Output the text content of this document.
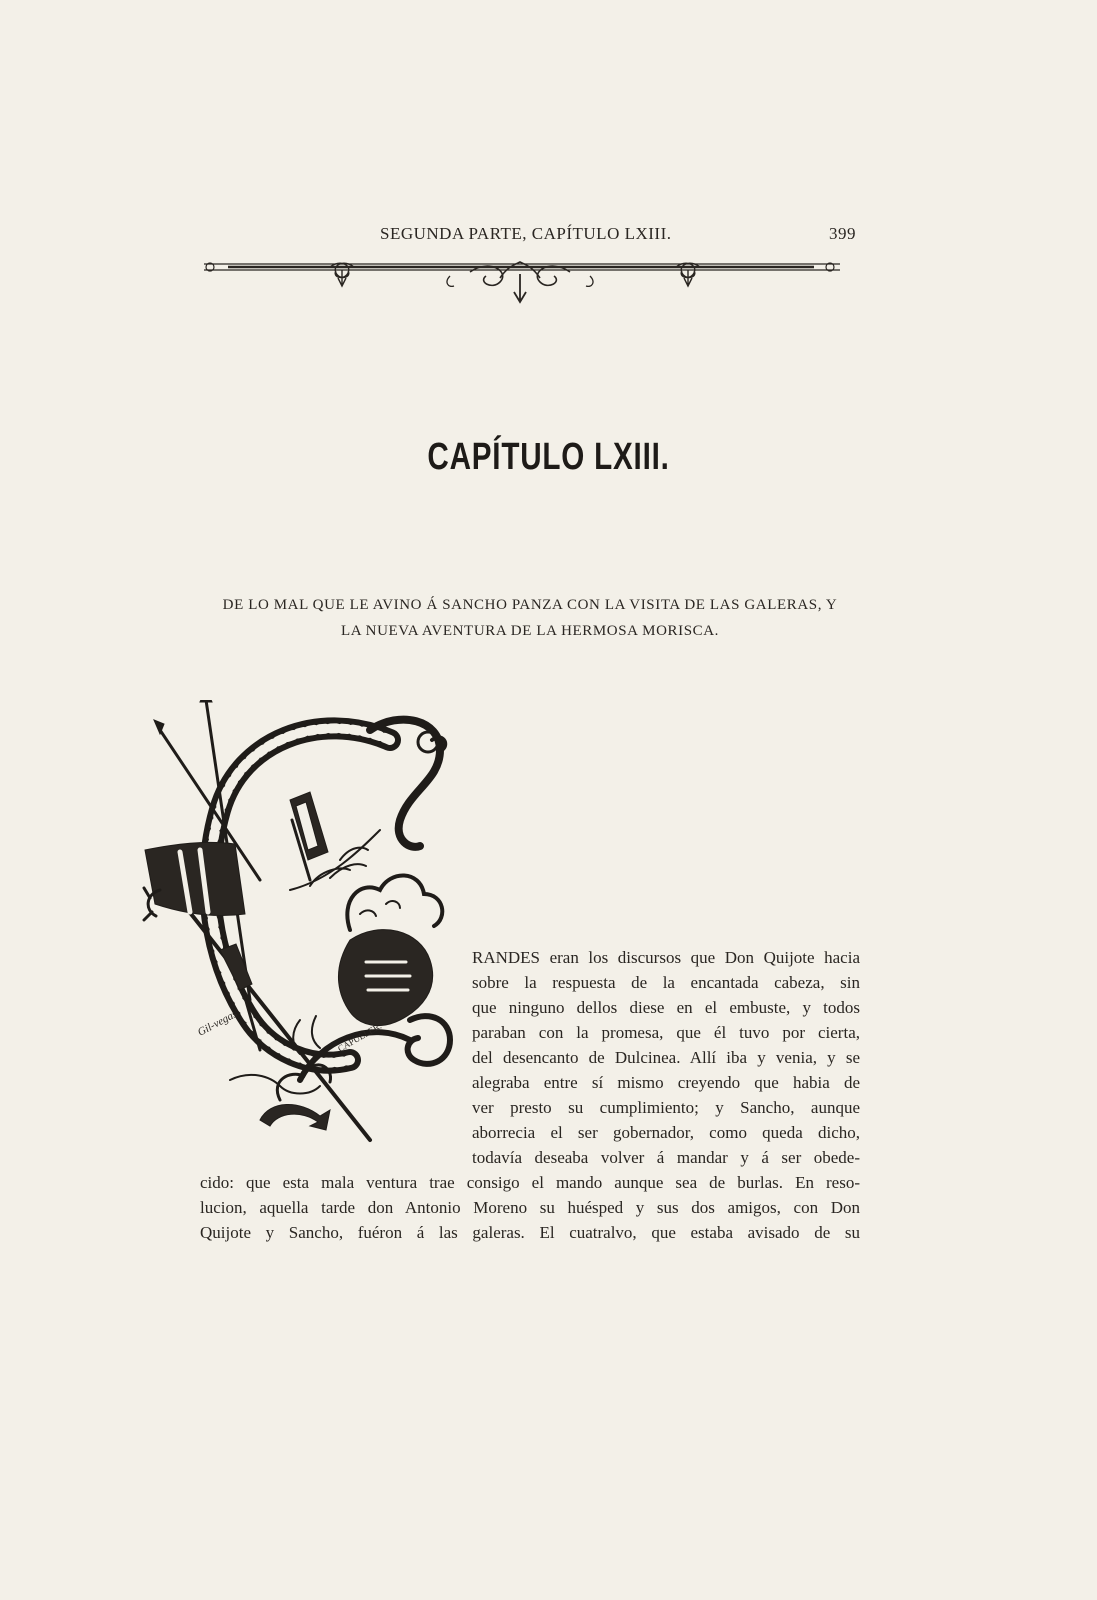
SEGUNDA PARTE, CAPÍTULO LXIII.	399
CAPÍTULO LXIII.
DE LO MAL QUE LE AVINO Á SANCHO PANZA CON LA VISITA DE LAS GALERAS, Y
LA NUEVA AVENTURA DE LA HERMOSA MORISCA.
Gil-vegas	CAPULLER.
RANDES eran los discursos que Don Quijote hacia
sobre la respuesta de la encantada cabeza, sin
que ninguno dellos diese en el embuste, y todos
paraban con la promesa, que él tuvo por cierta,
del desencanto de Dulcinea. Allí iba y venia, y se
alegraba entre sí mismo creyendo que habia de
ver presto su cumplimiento; y Sancho, aunque
aborrecia el ser gobernador, como queda dicho,
todavía deseaba volver á mandar y á ser obede-
cido: que esta mala ventura trae consigo el mando aunque sea de burlas. En reso-
lucion, aquella tarde don Antonio Moreno su huésped y sus dos amigos, con Don
Quijote y Sancho, fuéron á las galeras. El cuatralvo, que estaba avisado de su
